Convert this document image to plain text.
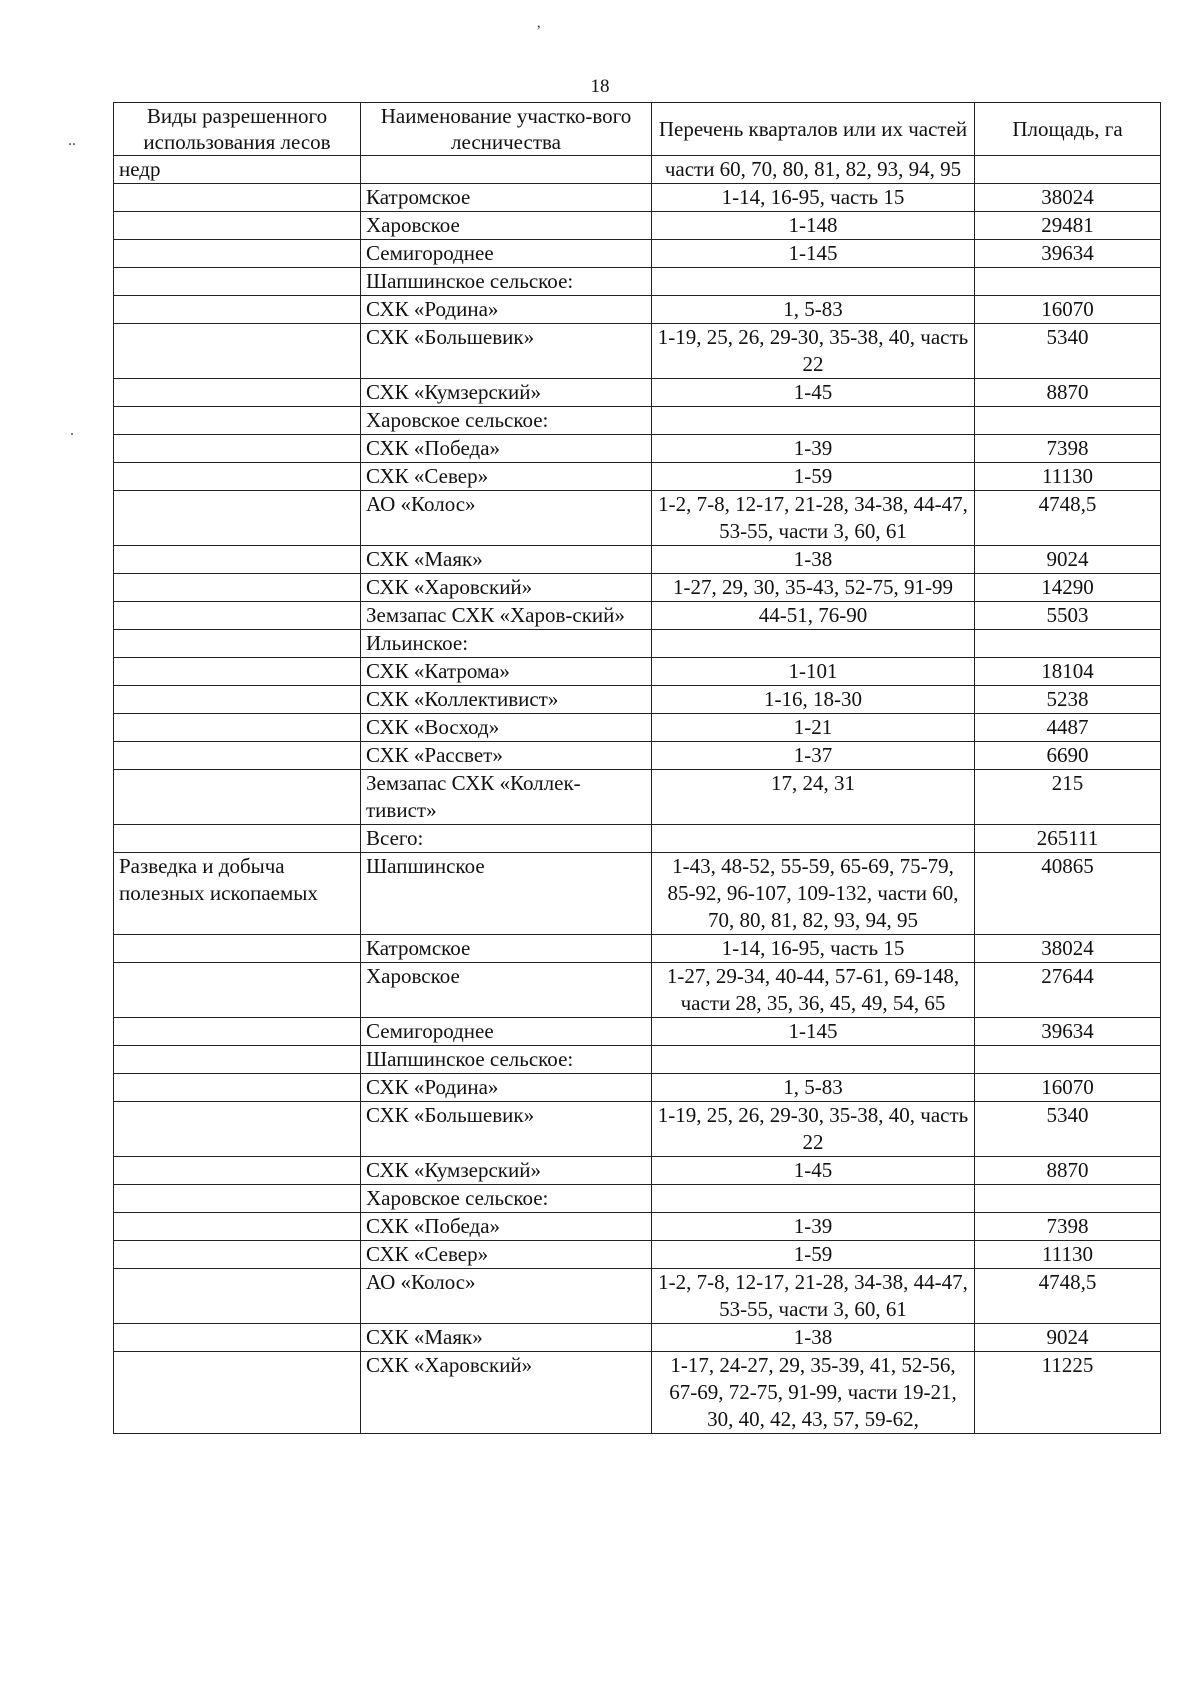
18
‚
..
.
Виды разрешенного использования лесов	Наименование участко-вого лесничества	Перечень кварталов или их частей	Площадь, га
недр		части 60, 70, 80, 81, 82, 93, 94, 95	
	Катромское	1-14, 16-95, часть 15	38024
	Харовское	1-148	29481
	Семигороднее	1-145	39634
	Шапшинское сельское:		
	СХК «Родина»	1, 5-83	16070
	СХК «Большевик»	1-19, 25, 26, 29-30, 35-38, 40, часть 22	5340
	СХК «Кумзерский»	1-45	8870
	Харовское сельское:		
	СХК «Победа»	1-39	7398
	СХК «Север»	1-59	11130
	АО «Колос»	1-2, 7-8, 12-17, 21-28, 34-38, 44-47, 53-55, части 3, 60, 61	4748,5
	СХК «Маяк»	1-38	9024
	СХК «Харовский»	1-27, 29, 30, 35-43, 52-75, 91-99	14290
	Земзапас СХК «Харов-ский»	44-51, 76-90	5503
	Ильинское:		
	СХК «Катрома»	1-101	18104
	СХК «Коллективист»	1-16, 18-30	5238
	СХК «Восход»	1-21	4487
	СХК «Рассвет»	1-37	6690
	Земзапас СХК «Коллек-тивист»	17, 24, 31	215
	Всего:		265111
Разведка и добыча полезных ископаемых	Шапшинское	1-43, 48-52, 55-59, 65-69, 75-79, 85-92, 96-107, 109-132, части 60, 70, 80, 81, 82, 93, 94, 95	40865
	Катромское	1-14, 16-95, часть 15	38024
	Харовское	1-27, 29-34, 40-44, 57-61, 69-148, части 28, 35, 36, 45, 49, 54, 65	27644
	Семигороднее	1-145	39634
	Шапшинское сельское:		
	СХК «Родина»	1, 5-83	16070
	СХК «Большевик»	1-19, 25, 26, 29-30, 35-38, 40, часть 22	5340
	СХК «Кумзерский»	1-45	8870
	Харовское сельское:		
	СХК «Победа»	1-39	7398
	СХК «Север»	1-59	11130
	АО «Колос»	1-2, 7-8, 12-17, 21-28, 34-38, 44-47, 53-55, части 3, 60, 61	4748,5
	СХК «Маяк»	1-38	9024
	СХК «Харовский»	1-17, 24-27, 29, 35-39, 41, 52-56, 67-69, 72-75, 91-99, части 19-21, 30, 40, 42, 43, 57, 59-62,	11225
